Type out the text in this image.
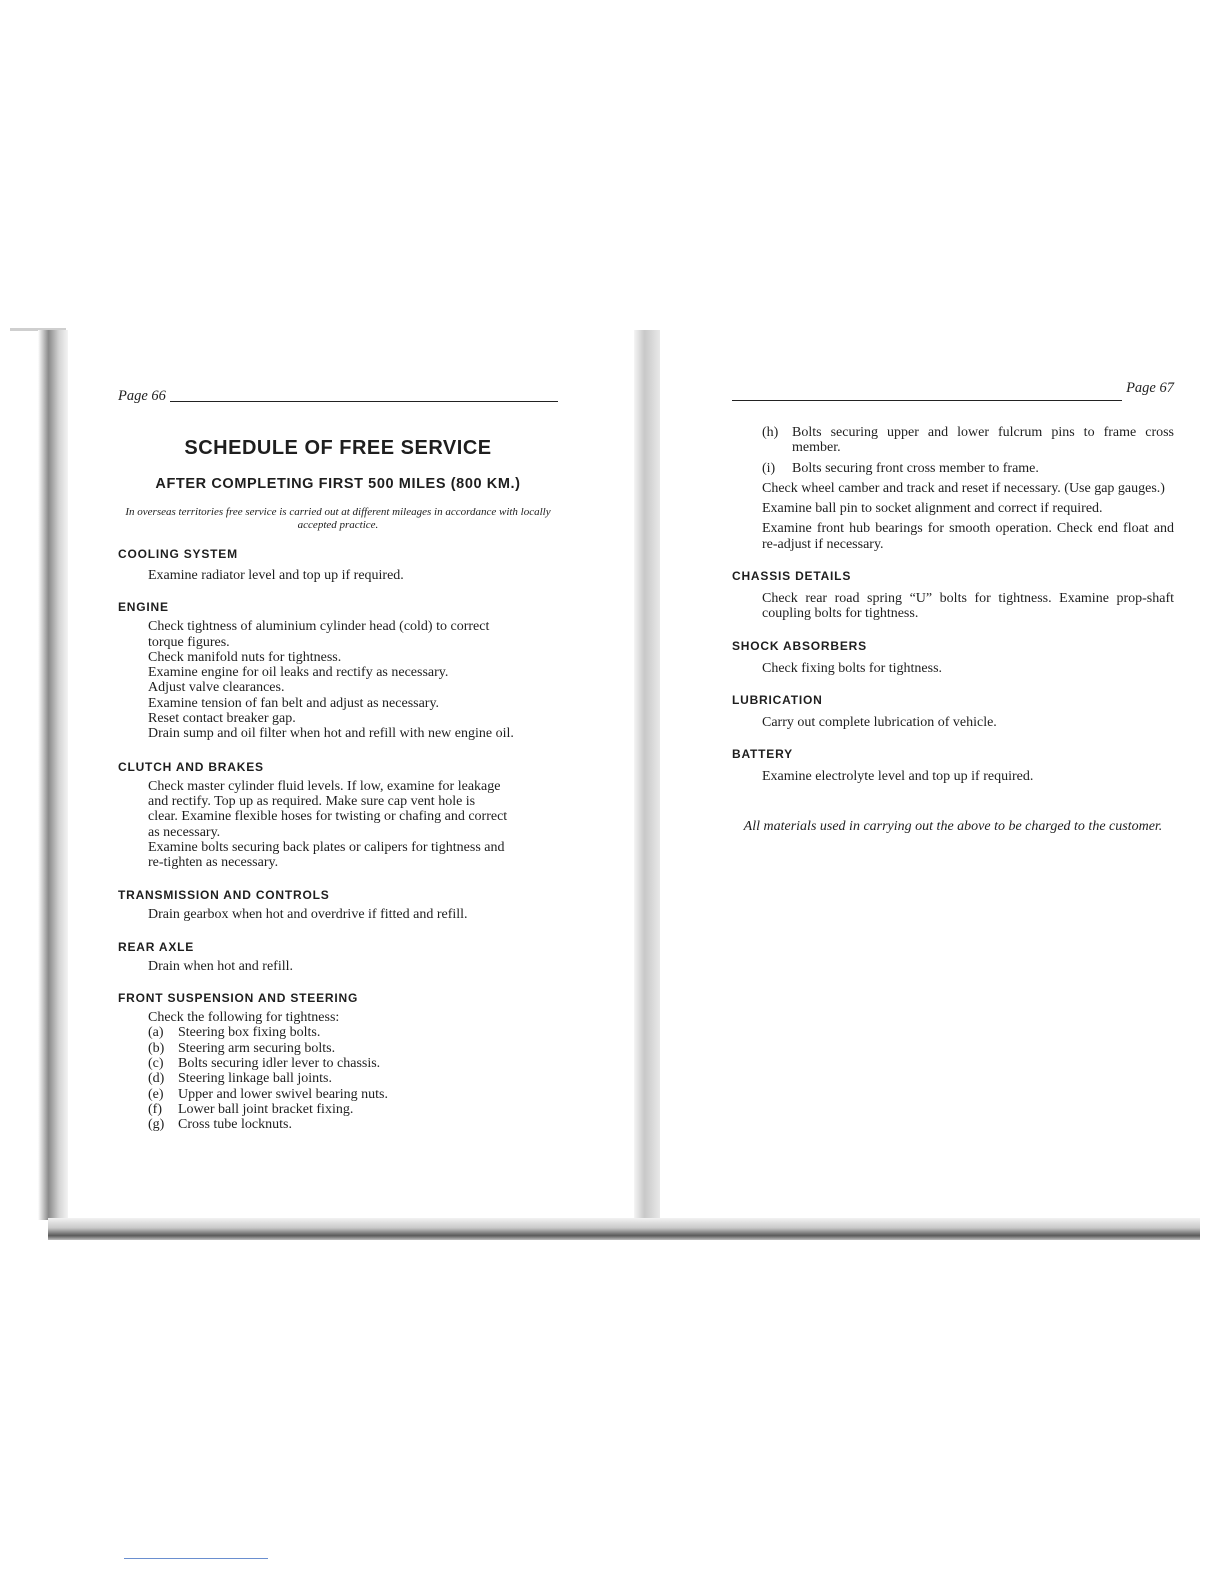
Page 66
SCHEDULE OF FREE SERVICE
AFTER COMPLETING FIRST 500 MILES (800 KM.)
In overseas territories free service is carried out at different mileages in accordance with locally accepted practice.
COOLING SYSTEM
Examine radiator level and top up if required.
ENGINE
Check tightness of aluminium cylinder head (cold) to correct
torque figures.
Check manifold nuts for tightness.
Examine engine for oil leaks and rectify as necessary.
Adjust valve clearances.
Examine tension of fan belt and adjust as necessary.
Reset contact breaker gap.
Drain sump and oil filter when hot and refill with new engine oil.
CLUTCH AND BRAKES
Check master cylinder fluid levels. If low, examine for leakage
and rectify. Top up as required. Make sure cap vent hole is
clear. Examine flexible hoses for twisting or chafing and correct
as necessary.
Examine bolts securing back plates or calipers for tightness and
re-tighten as necessary.
TRANSMISSION AND CONTROLS
Drain gearbox when hot and overdrive if fitted and refill.
REAR AXLE
Drain when hot and refill.
FRONT SUSPENSION AND STEERING
Check the following for tightness:
(a)	Steering box fixing bolts.
(b) Steering arm securing bolts.
(c)	Bolts securing idler lever to chassis.
(d) Steering linkage ball joints.
(e)	Upper and lower swivel bearing nuts.
(f)	Lower ball joint bracket fixing.
(g) Cross tube locknuts.
Page 67
(h) Bolts securing upper and lower fulcrum pins to frame cross member.
(i)	Bolts securing front cross member to frame.
Check wheel camber and track and reset if necessary. (Use gap gauges.)
Examine ball pin to socket alignment and correct if required.
Examine front hub bearings for smooth operation. Check end float and re-adjust if necessary.
CHASSIS DETAILS
Check rear road spring “U” bolts for tightness. Examine prop-shaft coupling bolts for tightness.
SHOCK ABSORBERS
Check fixing bolts for tightness.
LUBRICATION
Carry out complete lubrication of vehicle.
BATTERY
Examine electrolyte level and top up if required.
All materials used in carrying out the above to be charged to the customer.
